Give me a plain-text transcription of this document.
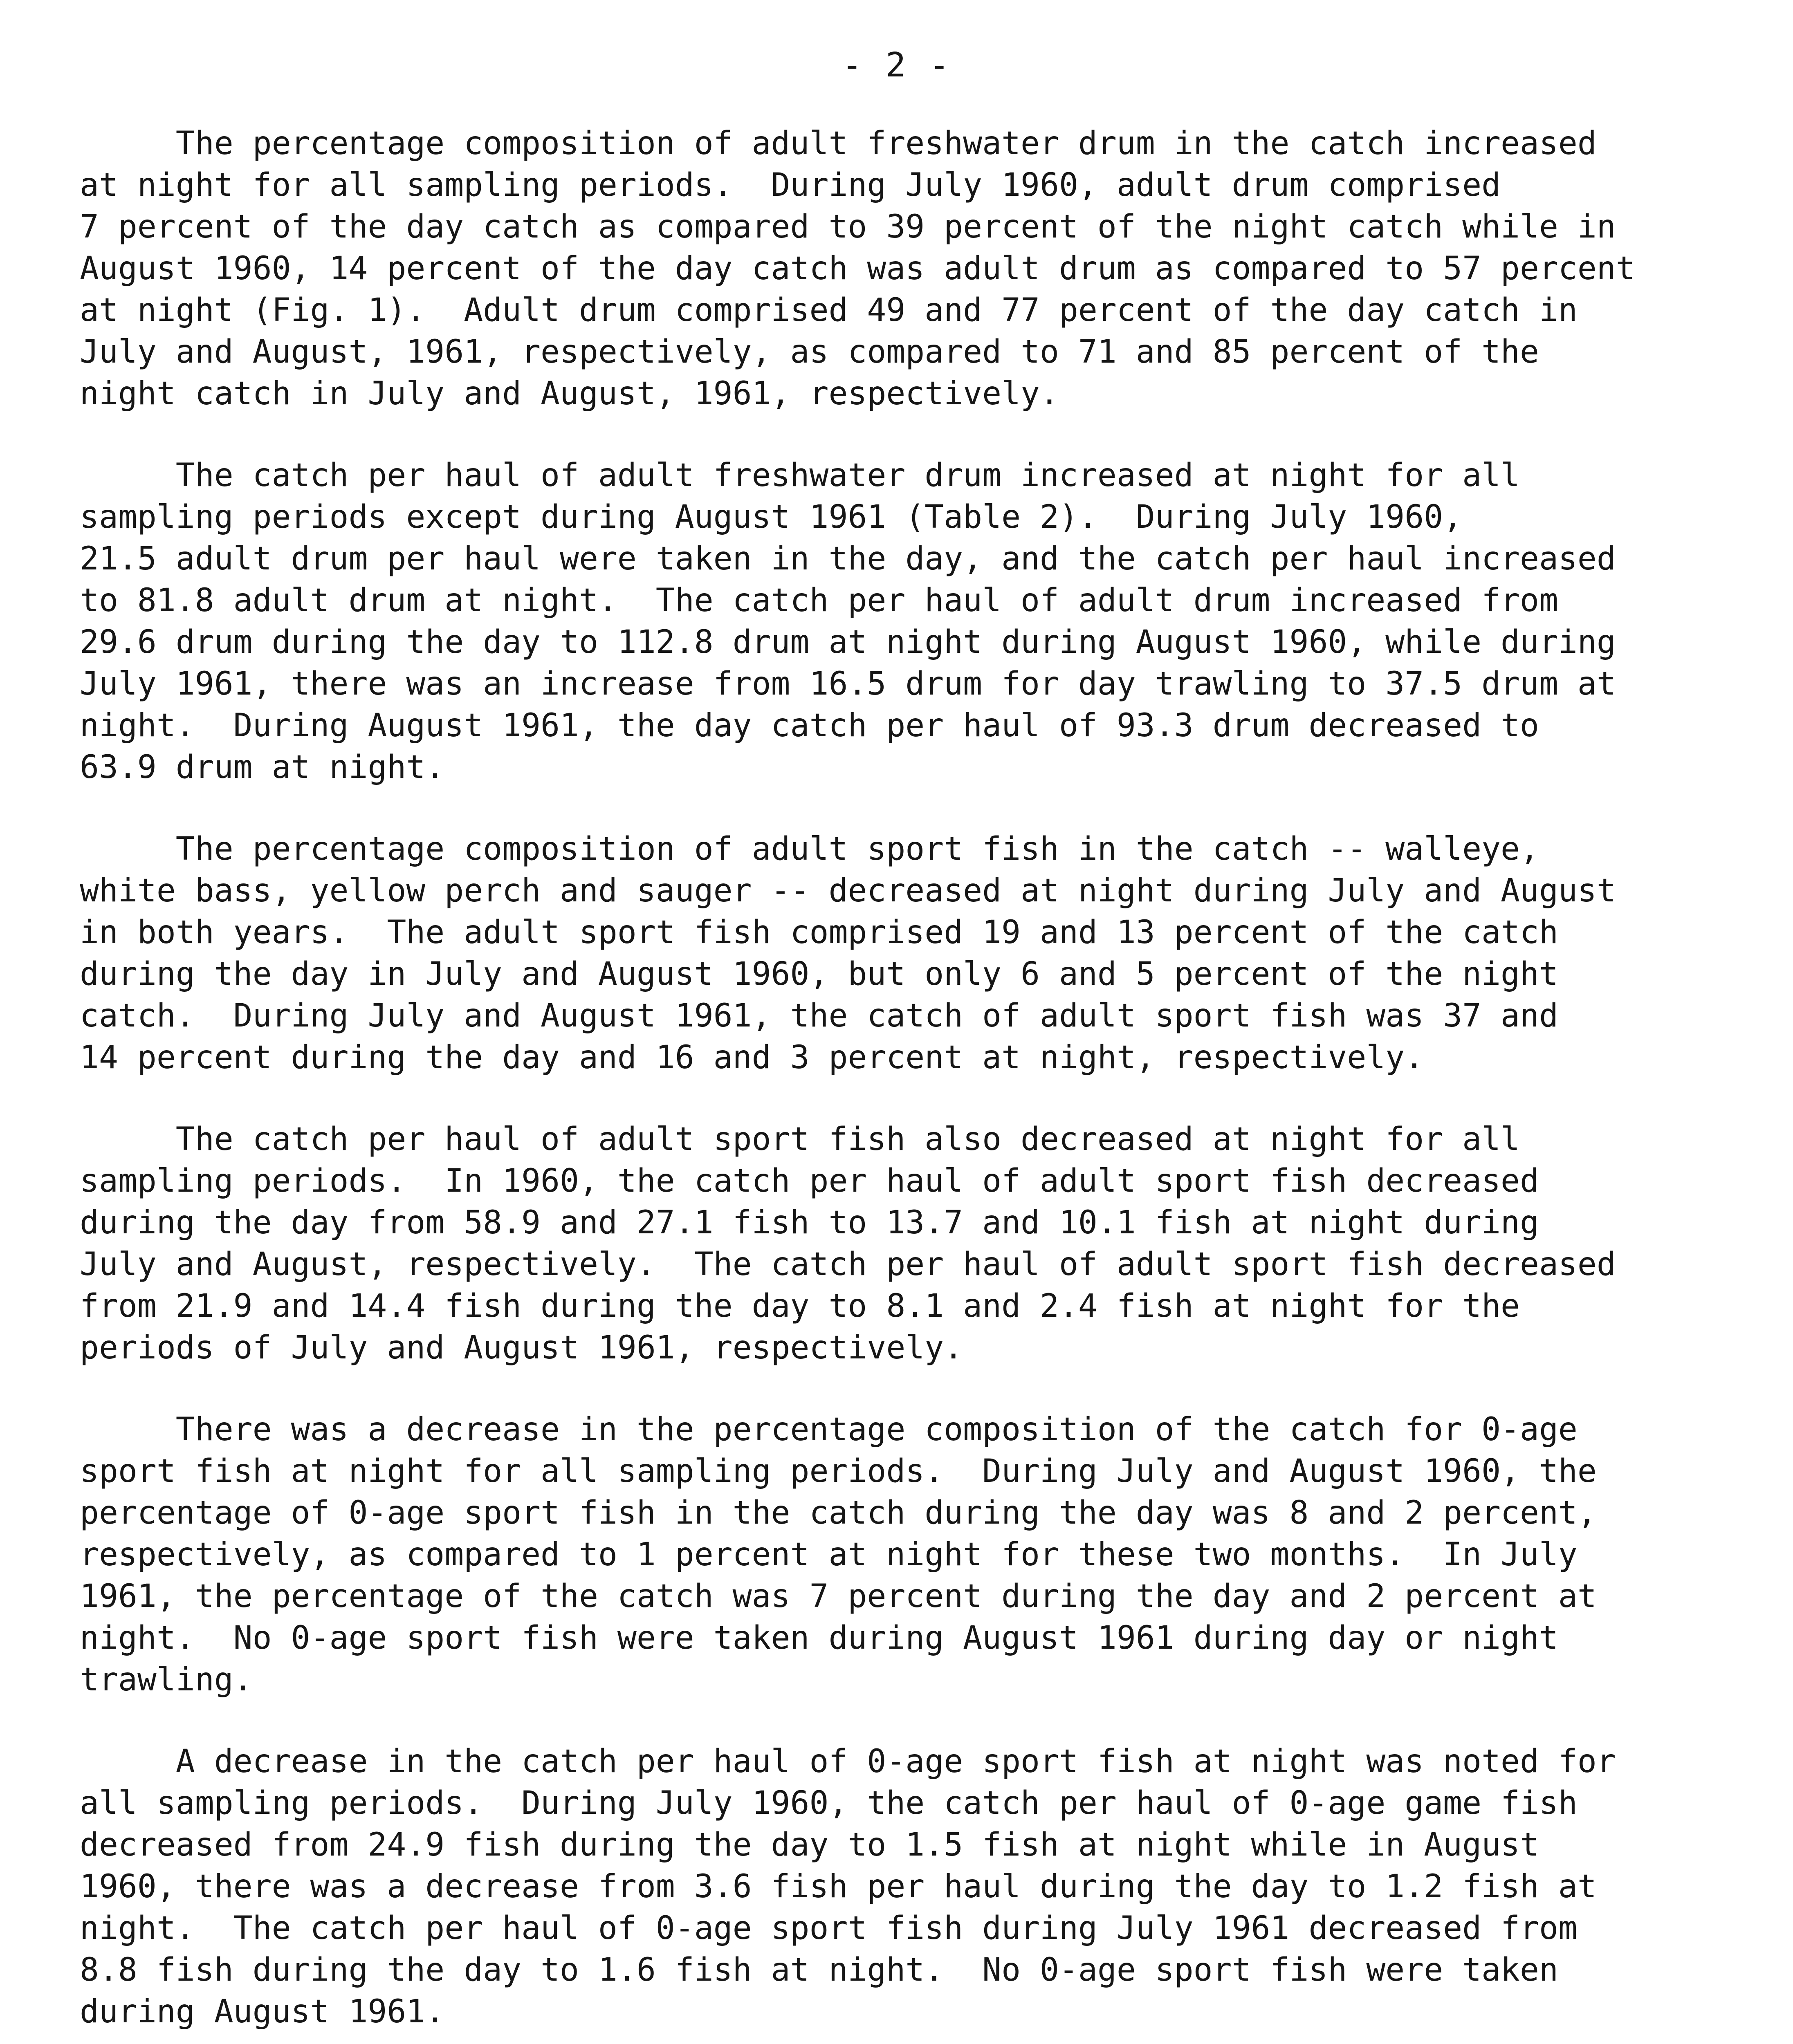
- 2 -

The percentage composition of adult freshwater drum in the catch increased
at night for all sampling periods.  During July 1960, adult drum comprised
7 percent of the day catch as compared to 39 percent of the night catch while in
August 1960, 14 percent of the day catch was adult drum as compared to 57 percent
at night (Fig. 1).  Adult drum comprised 49 and 77 percent of the day catch in
July and August, 1961, respectively, as compared to 71 and 85 percent of the
night catch in July and August, 1961, respectively.

The catch per haul of adult freshwater drum increased at night for all
sampling periods except during August 1961 (Table 2).  During July 1960,
21.5 adult drum per haul were taken in the day, and the catch per haul increased
to 81.8 adult drum at night.  The catch per haul of adult drum increased from
29.6 drum during the day to 112.8 drum at night during August 1960, while during
July 1961, there was an increase from 16.5 drum for day trawling to 37.5 drum at
night.  During August 1961, the day catch per haul of 93.3 drum decreased to
63.9 drum at night.

The percentage composition of adult sport fish in the catch -- walleye,
white bass, yellow perch and sauger -- decreased at night during July and August
in both years.  The adult sport fish comprised 19 and 13 percent of the catch
during the day in July and August 1960, but only 6 and 5 percent of the night
catch.  During July and August 1961, the catch of adult sport fish was 37 and
14 percent during the day and 16 and 3 percent at night, respectively.

The catch per haul of adult sport fish also decreased at night for all
sampling periods.  In 1960, the catch per haul of adult sport fish decreased
during the day from 58.9 and 27.1 fish to 13.7 and 10.1 fish at night during
July and August, respectively.  The catch per haul of adult sport fish decreased
from 21.9 and 14.4 fish during the day to 8.1 and 2.4 fish at night for the
periods of July and August 1961, respectively.

There was a decrease in the percentage composition of the catch for 0-age
sport fish at night for all sampling periods.  During July and August 1960, the
percentage of 0-age sport fish in the catch during the day was 8 and 2 percent,
respectively, as compared to 1 percent at night for these two months.  In July
1961, the percentage of the catch was 7 percent during the day and 2 percent at
night.  No 0-age sport fish were taken during August 1961 during day or night
trawling.

A decrease in the catch per haul of 0-age sport fish at night was noted for
all sampling periods.  During July 1960, the catch per haul of 0-age game fish
decreased from 24.9 fish during the day to 1.5 fish at night while in August
1960, there was a decrease from 3.6 fish per haul during the day to 1.2 fish at
night.  The catch per haul of 0-age sport fish during July 1961 decreased from
8.8 fish during the day to 1.6 fish at night.  No 0-age sport fish were taken
during August 1961.
